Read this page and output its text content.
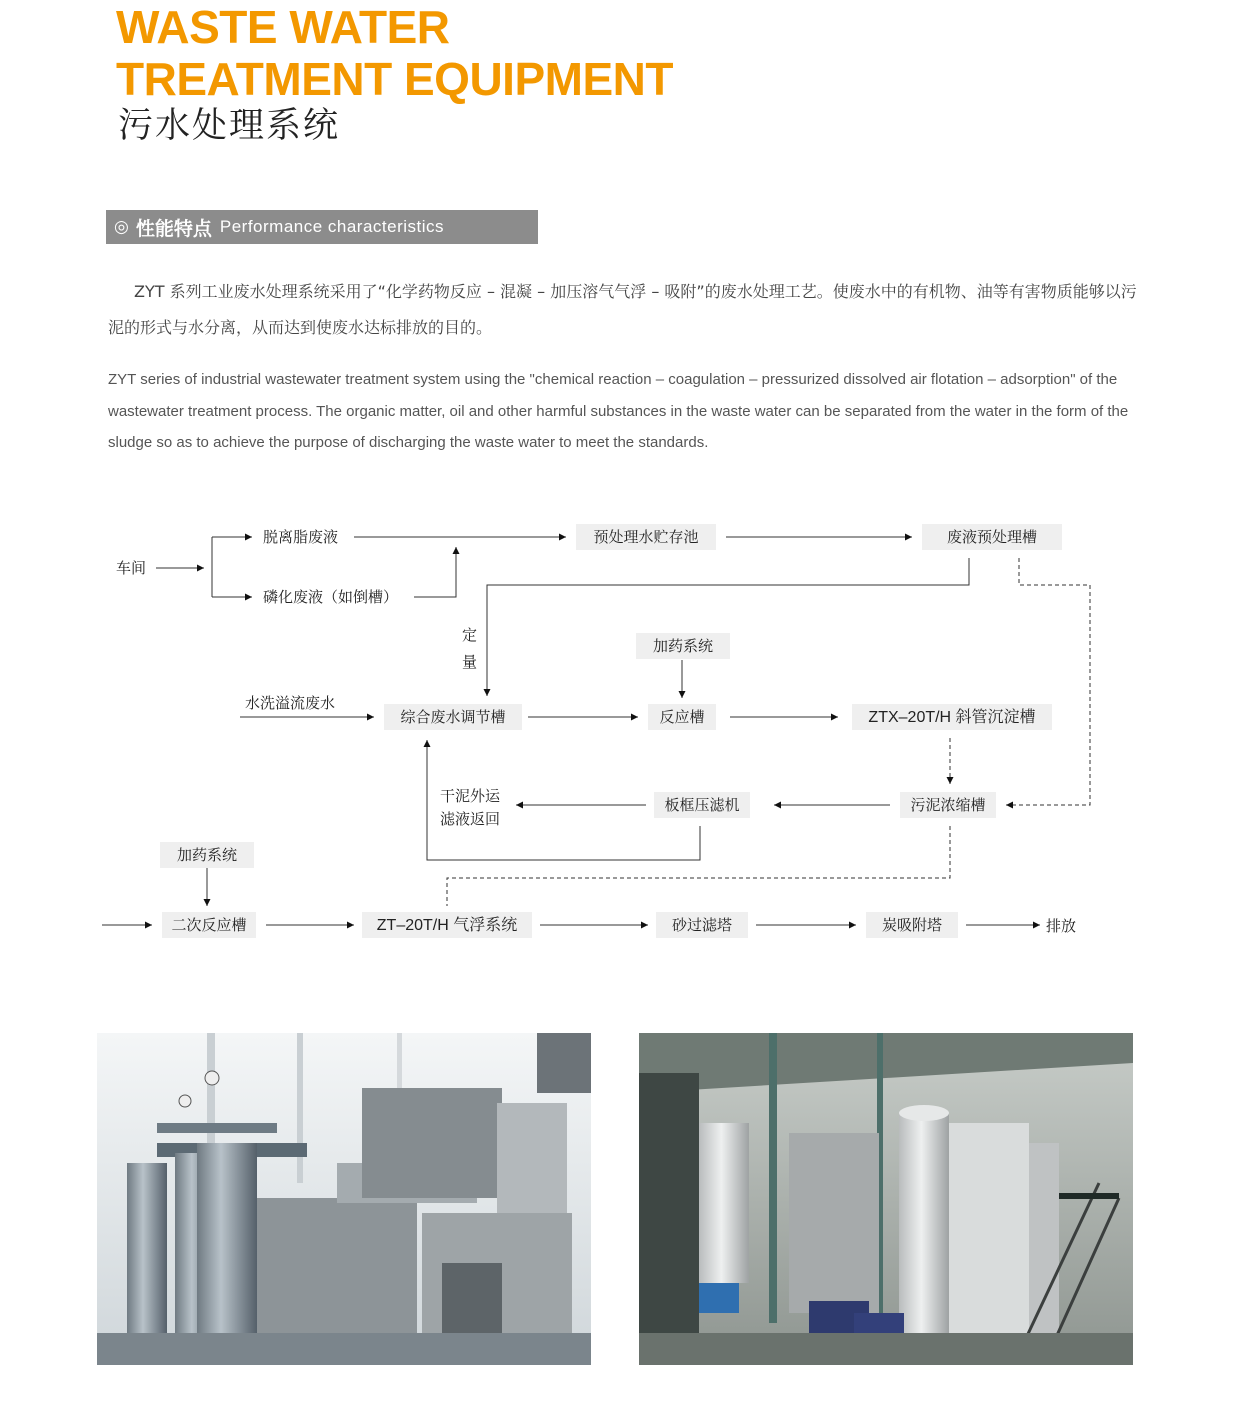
WASTE WATER
TREATMENT EQUIPMENT
污水处理系统
◎ 性能特点 Performance characteristics

ZYT 系列工业废水处理系统采用了“化学药物反应 – 混凝 – 加压溶气气浮 – 吸附”的废水处理工艺。使废水中的有机物、油等有害物质能够以污泥的形式与水分离，从而达到使废水达标排放的目的。

ZYT series of industrial wastewater treatment system using the "chemical reaction – coagulation – pressurized dissolved air flotation – adsorption" of the wastewater treatment process. The organic matter, oil and other harmful substances in the waste water can be separated from the water in the form of the sludge so as to achieve the purpose of discharging the waste water to meet the standards.

车间
脱离脂废液
磷化废液（如倒槽）
定
量
水洗溢流废水
干泥外运
滤液返回
排放
预处理水贮存池	废液预处理槽
加药系统
综合废水调节槽	反应槽	ZTX–20T/H 斜管沉淀槽
板框压滤机	污泥浓缩槽
加药系统
二次反应槽	ZT–20T/H 气浮系统	砂过滤塔	炭吸附塔
